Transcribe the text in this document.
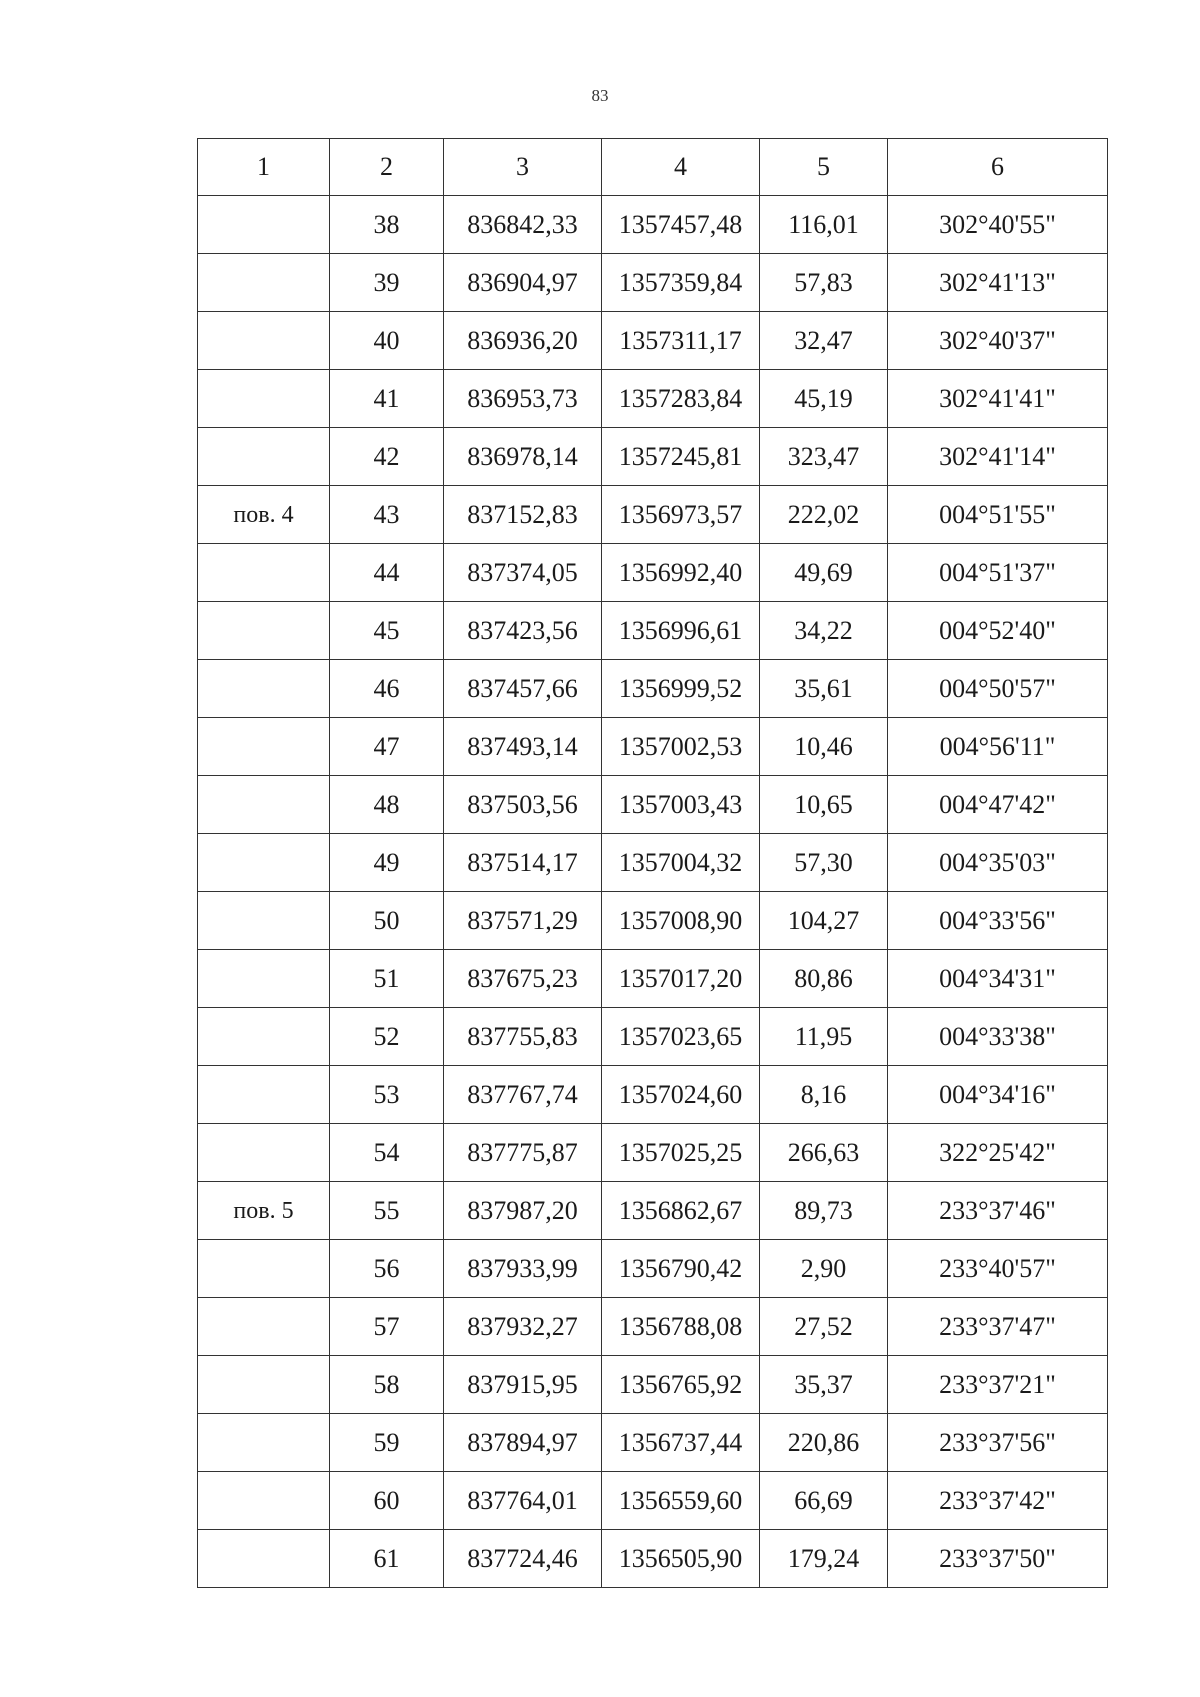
83
1	2	3	4	5	6
	38	836842,33	1357457,48	116,01	302°40'55"
	39	836904,97	1357359,84	57,83	302°41'13"
	40	836936,20	1357311,17	32,47	302°40'37"
	41	836953,73	1357283,84	45,19	302°41'41"
	42	836978,14	1357245,81	323,47	302°41'14"
пов. 4	43	837152,83	1356973,57	222,02	004°51'55"
	44	837374,05	1356992,40	49,69	004°51'37"
	45	837423,56	1356996,61	34,22	004°52'40"
	46	837457,66	1356999,52	35,61	004°50'57"
	47	837493,14	1357002,53	10,46	004°56'11"
	48	837503,56	1357003,43	10,65	004°47'42"
	49	837514,17	1357004,32	57,30	004°35'03"
	50	837571,29	1357008,90	104,27	004°33'56"
	51	837675,23	1357017,20	80,86	004°34'31"
	52	837755,83	1357023,65	11,95	004°33'38"
	53	837767,74	1357024,60	8,16	004°34'16"
	54	837775,87	1357025,25	266,63	322°25'42"
пов. 5	55	837987,20	1356862,67	89,73	233°37'46"
	56	837933,99	1356790,42	2,90	233°40'57"
	57	837932,27	1356788,08	27,52	233°37'47"
	58	837915,95	1356765,92	35,37	233°37'21"
	59	837894,97	1356737,44	220,86	233°37'56"
	60	837764,01	1356559,60	66,69	233°37'42"
	61	837724,46	1356505,90	179,24	233°37'50"
